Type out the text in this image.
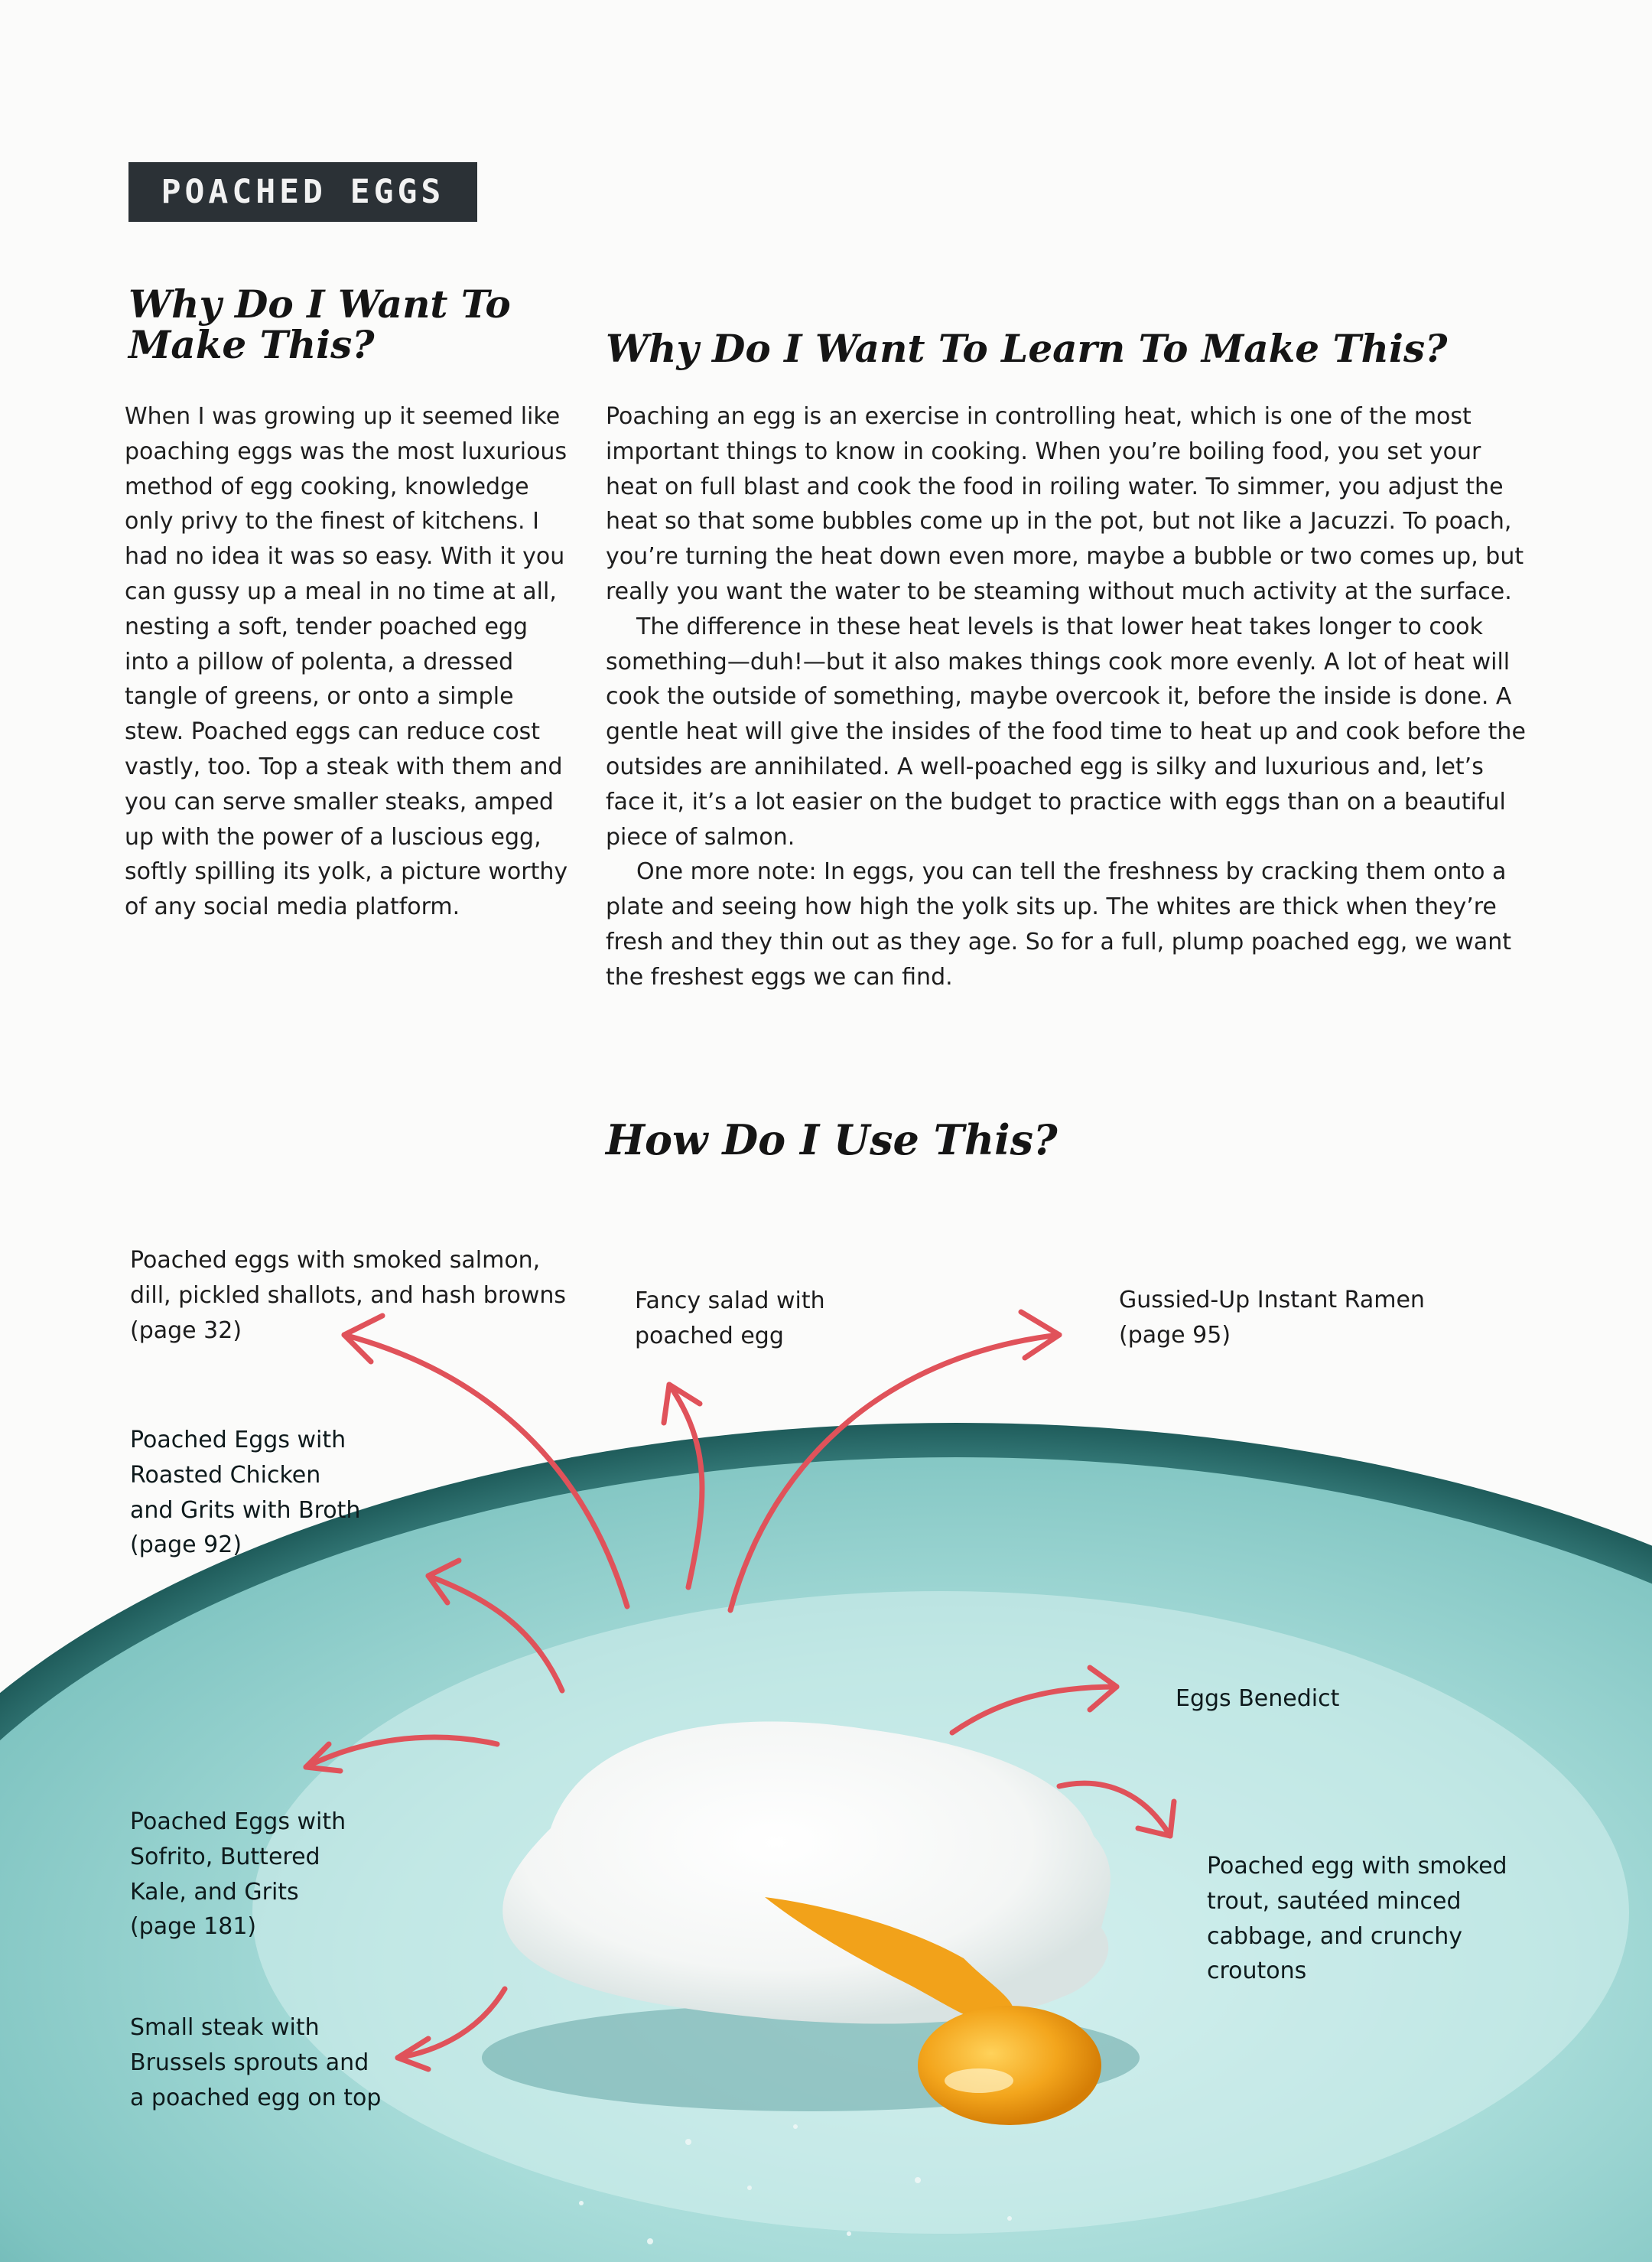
POACHED EGGS
Why Do I Want To Make This?	Why Do I Want To Learn To Make This?
When I was growing up it seemed like poaching eggs was the most luxurious method of egg cooking, knowledge only privy to the finest of kitchens. I had no idea it was so easy. With it you can gussy up a meal in no time at all, nesting a soft, tender poached egg into a pillow of polenta, a dressed tangle of greens, or onto a simple stew. Poached eggs can reduce cost vastly, too. Top a steak with them and you can serve smaller steaks, amped up with the power of a luscious egg, softly spilling its yolk, a picture worthy of any social media platform.

Poaching an egg is an exercise in controlling heat, which is one of the most important things to know in cooking. When you’re boiling food, you set your heat on full blast and cook the food in roiling water. To simmer, you adjust the heat so that some bubbles come up in the pot, but not like a Jacuzzi. To poach, you’re turning the heat down even more, maybe a bubble or two comes up, but really you want the water to be steaming without much activity at the surface.

The difference in these heat levels is that lower heat takes longer to cook something—duh!—but it also makes things cook more evenly. A lot of heat will cook the outside of something, maybe overcook it, before the inside is done. A gentle heat will give the insides of the food time to heat up and cook before the outsides are annihilated. A well-poached egg is silky and luxurious and, let’s face it, it’s a lot easier on the budget to practice with eggs than on a beautiful piece of salmon.

One more note: In eggs, you can tell the freshness by cracking them onto a plate and seeing how high the yolk sits up. The whites are thick when they’re fresh and they thin out as they age. So for a full, plump poached egg, we want the freshest eggs we can find.

How Do I Use This?
Poached eggs with smoked salmon,
dill, pickled shallots, and hash browns
(page 32)
Fancy salad with
poached egg
Gussied-Up Instant Ramen
(page 95)
Poached Eggs with
Roasted Chicken
and Grits with Broth
(page 92)
Eggs Benedict
Poached Eggs with
Sofrito, Buttered
Kale, and Grits
(page 181)
Poached egg with smoked
trout, sautéed minced
cabbage, and crunchy
croutons
Small steak with
Brussels sprouts and
a poached egg on top
